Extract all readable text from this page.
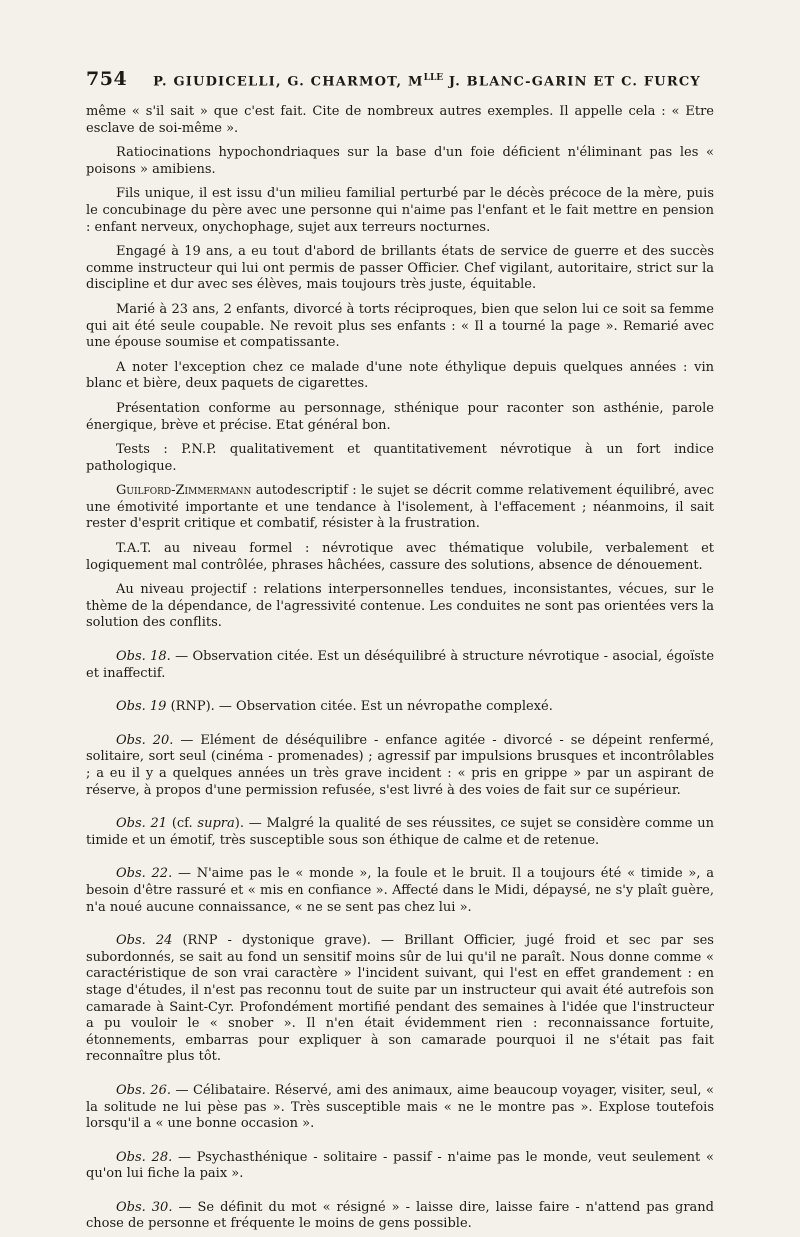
754 P. GIUDICELLI, G. CHARMOT, $M^{LLE}$ J. BLANC-GARIN ET C. FURCY

même « s'il sait » que c'est fait. Cite de nombreux autres exemples. Il appelle cela : « Etre esclave de soi-même ».

Ratiocinations hypochondriaques sur la base d'un foie déficient n'éliminant pas les « poisons » amibiens.

Fils unique, il est issu d'un milieu familial perturbé par le décès précoce de la mère, puis le concubinage du père avec une personne qui n'aime pas l'enfant et le fait mettre en pension : enfant nerveux, onychophage, sujet aux terreurs nocturnes.

Engagé à 19 ans, a eu tout d'abord de brillants états de service de guerre et des succès comme instructeur qui lui ont permis de passer Officier. Chef vigilant, autoritaire, strict sur la discipline et dur avec ses élèves, mais toujours très juste, équitable.

Marié à 23 ans, 2 enfants, divorcé à torts réciproques, bien que selon lui ce soit sa femme qui ait été seule coupable. Ne revoit plus ses enfants : « Il a tourné la page ». Remarié avec une épouse soumise et compatissante.

A noter l'exception chez ce malade d'une note éthylique depuis quelques années : vin blanc et bière, deux paquets de cigarettes.

Présentation conforme au personnage, sthénique pour raconter son asthénie, parole énergique, brève et précise. Etat général bon.

Tests : P.N.P. qualitativement et quantitativement névrotique à un fort indice pathologique.

Guilford-Zimmermann autodescriptif : le sujet se décrit comme relativement équilibré, avec une émotivité importante et une tendance à l'isolement, à l'effacement ; néanmoins, il sait rester d'esprit critique et combatif, résister à la frustration.

T.A.T. au niveau formel : névrotique avec thématique volubile, verbalement et logiquement mal contrôlée, phrases hâchées, cassure des solutions, absence de dénouement.

Au niveau projectif : relations interpersonnelles tendues, inconsistantes, vécues, sur le thème de la dépendance, de l'agressivité contenue. Les conduites ne sont pas orientées vers la solution des conflits.

Obs. 18. — Observation citée. Est un déséquilibré à structure névrotique - asocial, égoïste et inaffectif.

Obs. 19 (RNP). — Observation citée. Est un névropathe complexé.

Obs. 20. — Elément de déséquilibre - enfance agitée - divorcé - se dépeint renfermé, solitaire, sort seul (cinéma - promenades) ; agressif par impulsions brusques et incontrôlables ; a eu il y a quelques années un très grave incident : « pris en grippe » par un aspirant de réserve, à propos d'une permission refusée, s'est livré à des voies de fait sur ce supérieur.

Obs. 21 (cf. supra). — Malgré la qualité de ses réussites, ce sujet se considère comme un timide et un émotif, très susceptible sous son éthique de calme et de retenue.

Obs. 22. — N'aime pas le « monde », la foule et le bruit. Il a toujours été « timide », a besoin d'être rassuré et « mis en confiance ». Affecté dans le Midi, dépaysé, ne s'y plaît guère, n'a noué aucune connaissance, « ne se sent pas chez lui ».

Obs. 24 (RNP - dystonique grave). — Brillant Officier, jugé froid et sec par ses subordonnés, se sait au fond un sensitif moins sûr de lui qu'il ne paraît. Nous donne comme « caractéristique de son vrai caractère » l'incident suivant, qui l'est en effet grandement : en stage d'études, il n'est pas reconnu tout de suite par un instructeur qui avait été autrefois son camarade à Saint-Cyr. Profondément mortifié pendant des semaines à l'idée que l'instructeur a pu vouloir le « snober ». Il n'en était évidemment rien : reconnaissance fortuite, étonnements, embarras pour expliquer à son camarade pourquoi il ne s'était pas fait reconnaître plus tôt.

Obs. 26. — Célibataire. Réservé, ami des animaux, aime beaucoup voyager, visiter, seul, « la solitude ne lui pèse pas ». Très susceptible mais « ne le montre pas ». Explose toutefois lorsqu'il a « une bonne occasion ».

Obs. 28. — Psychasthénique - solitaire - passif - n'aime pas le monde, veut seulement « qu'on lui fiche la paix ».

Obs. 30. — Se définit du mot « résigné » - laisse dire, laisse faire - n'attend pas grand chose de personne et fréquente le moins de gens possible.
